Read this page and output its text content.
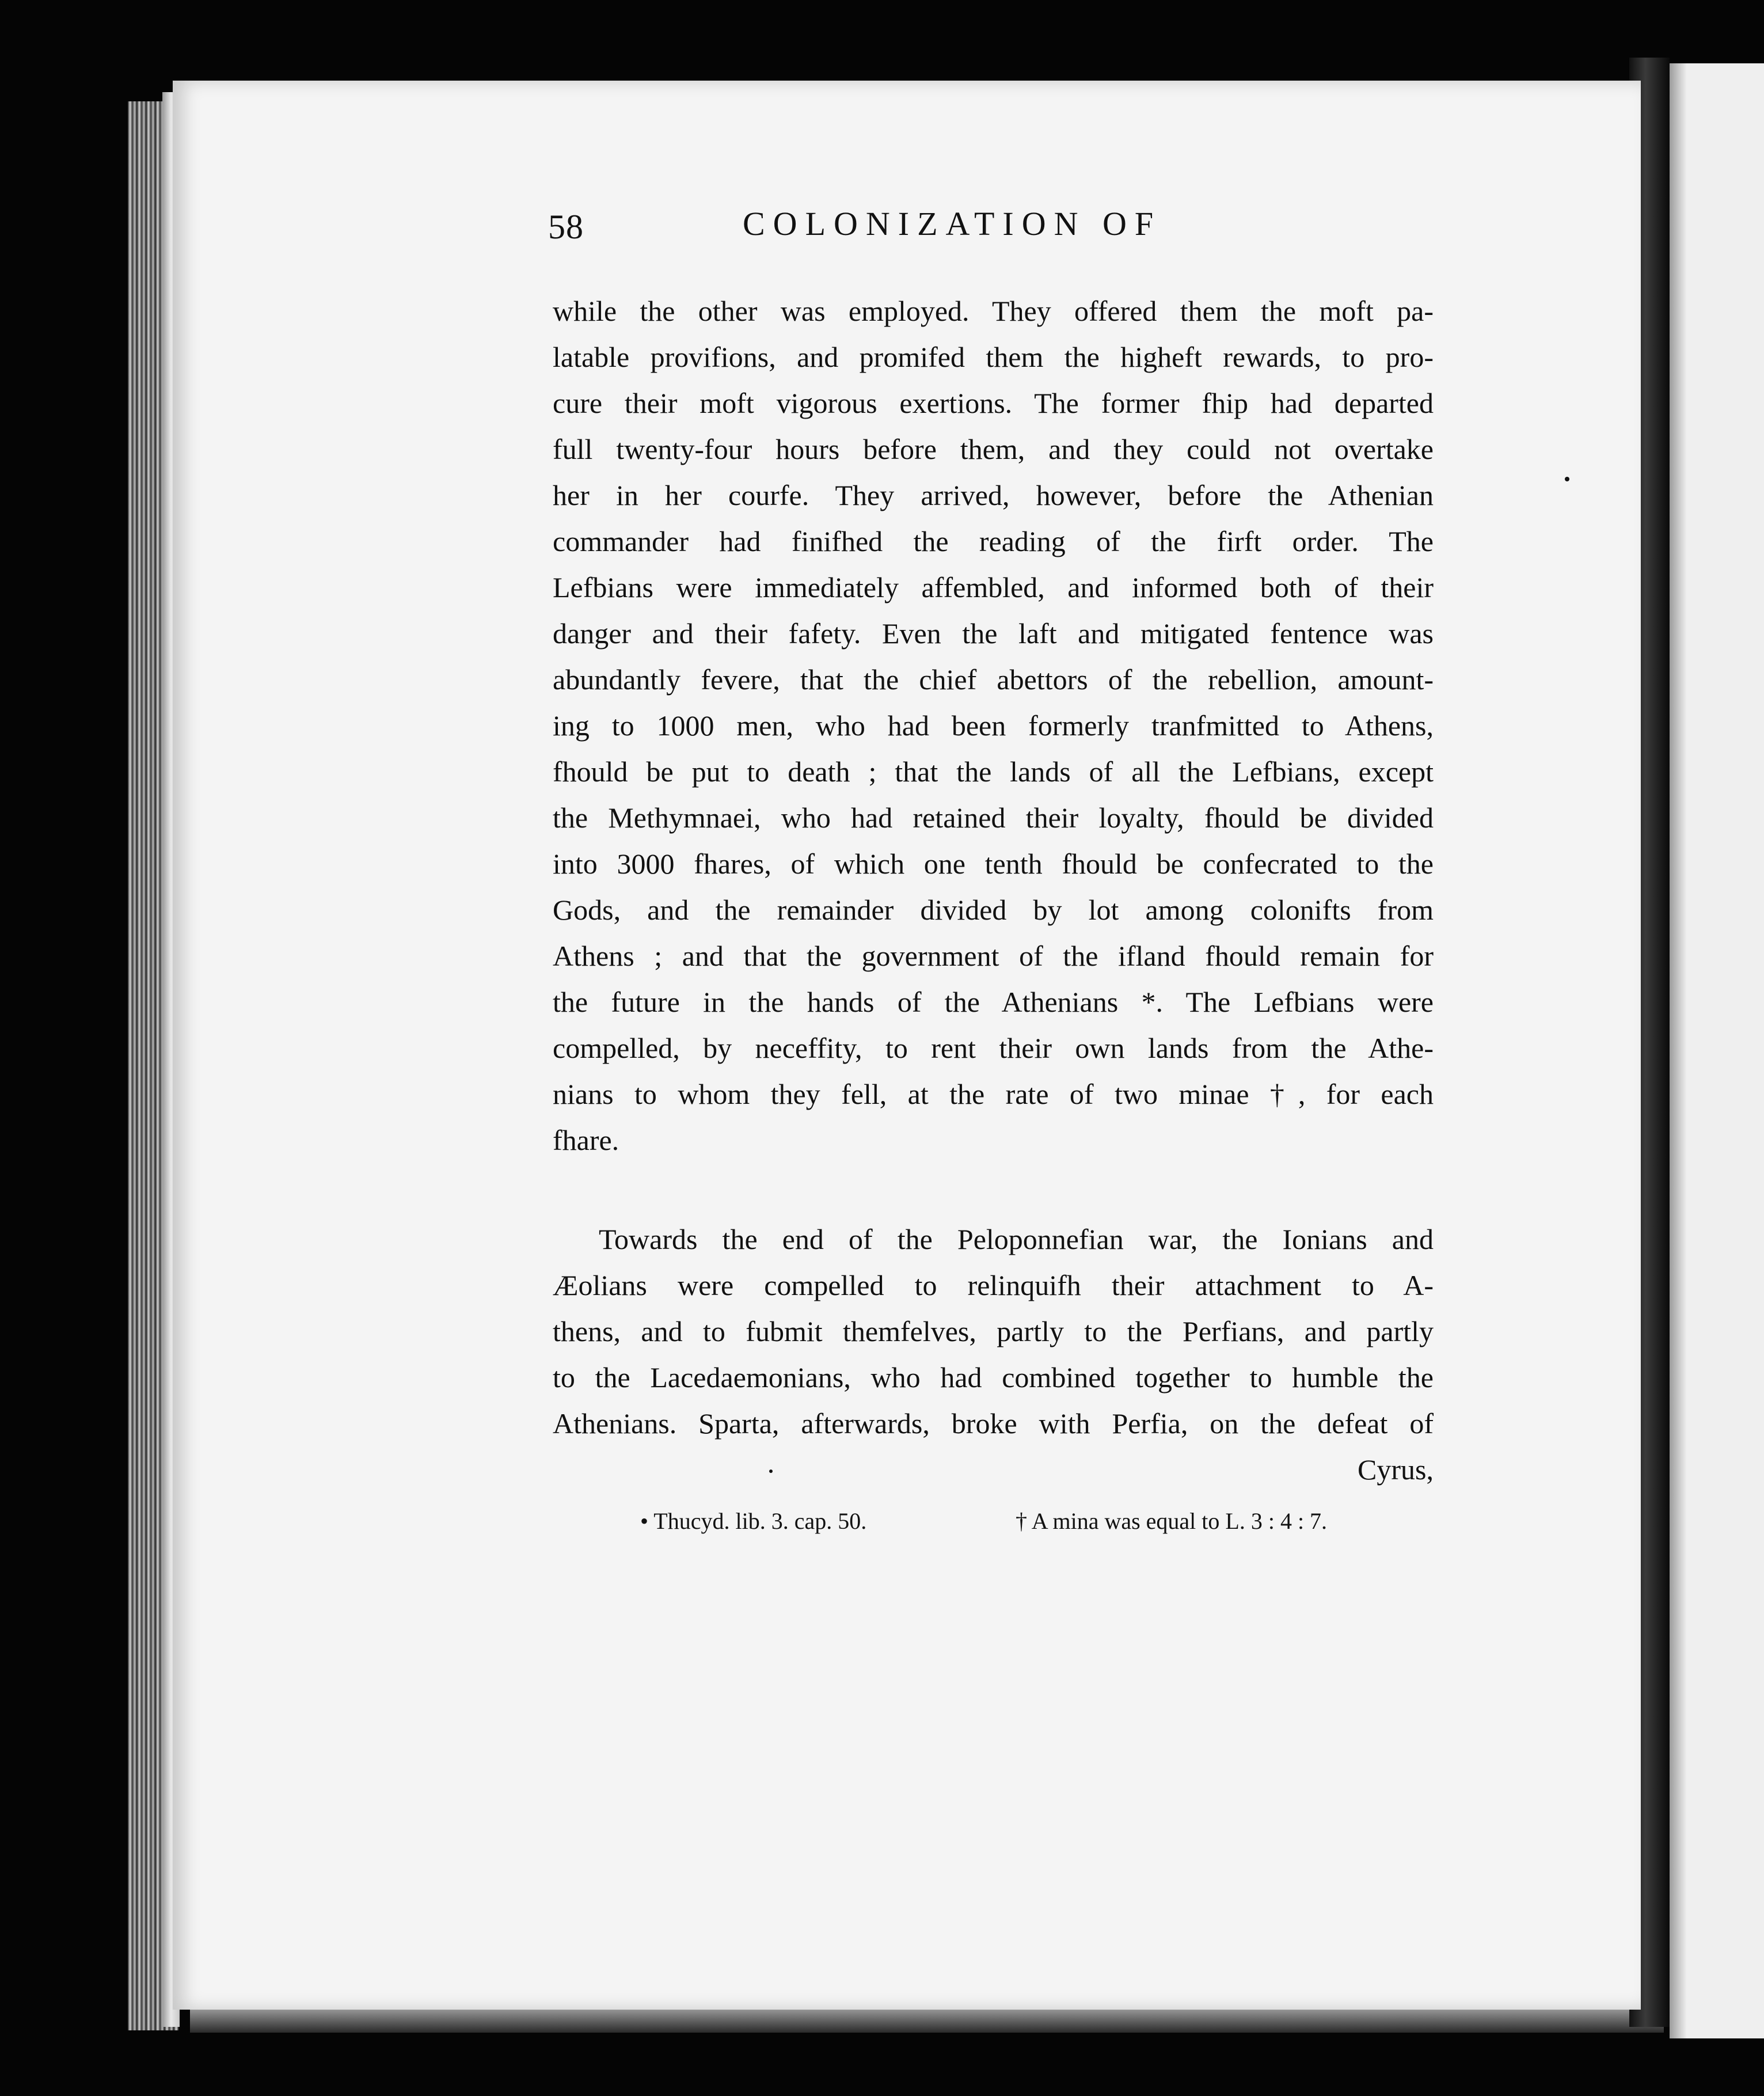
58	COLONIZATION OF
while the other was employed. They offered them the moft pa-
latable provifions, and promifed them the higheft rewards, to pro-
cure their moft vigorous exertions. The former fhip had departed
full twenty-four hours before them, and they could not overtake
her in her courfe. They arrived, however, before the Athenian
commander had finifhed the reading of the firft order. The
Lefbians were immediately affembled, and informed both of their
danger and their fafety. Even the laft and mitigated fentence was
abundantly fevere, that the chief abettors of the rebellion, amount-
ing to 1000 men, who had been formerly tranfmitted to Athens,
fhould be put to death ; that the lands of all the Lefbians, except
the Methymnaei, who had retained their loyalty, fhould be divided
into 3000 fhares, of which one tenth fhould be confecrated to the
Gods, and the remainder divided by lot among colonifts from
Athens ; and that the government of the ifland fhould remain for
the future in the hands of the Athenians *. The Lefbians were
compelled, by neceffity, to rent their own lands from the Athe-
nians to whom they fell, at the rate of two minae †, for each
fhare.
Towards the end of the Peloponnefian war, the Ionians and
Æolians were compelled to relinquifh their attachment to A-
thens, and to fubmit themfelves, partly to the Perfians, and partly
to the Lacedaemonians, who had combined together to humble the
Athenians. Sparta, afterwards, broke with Perfia, on the defeat of
Cyrus,
• Thucyd. lib. 3. cap. 50.	† A mina was equal to L. 3 : 4 : 7.
